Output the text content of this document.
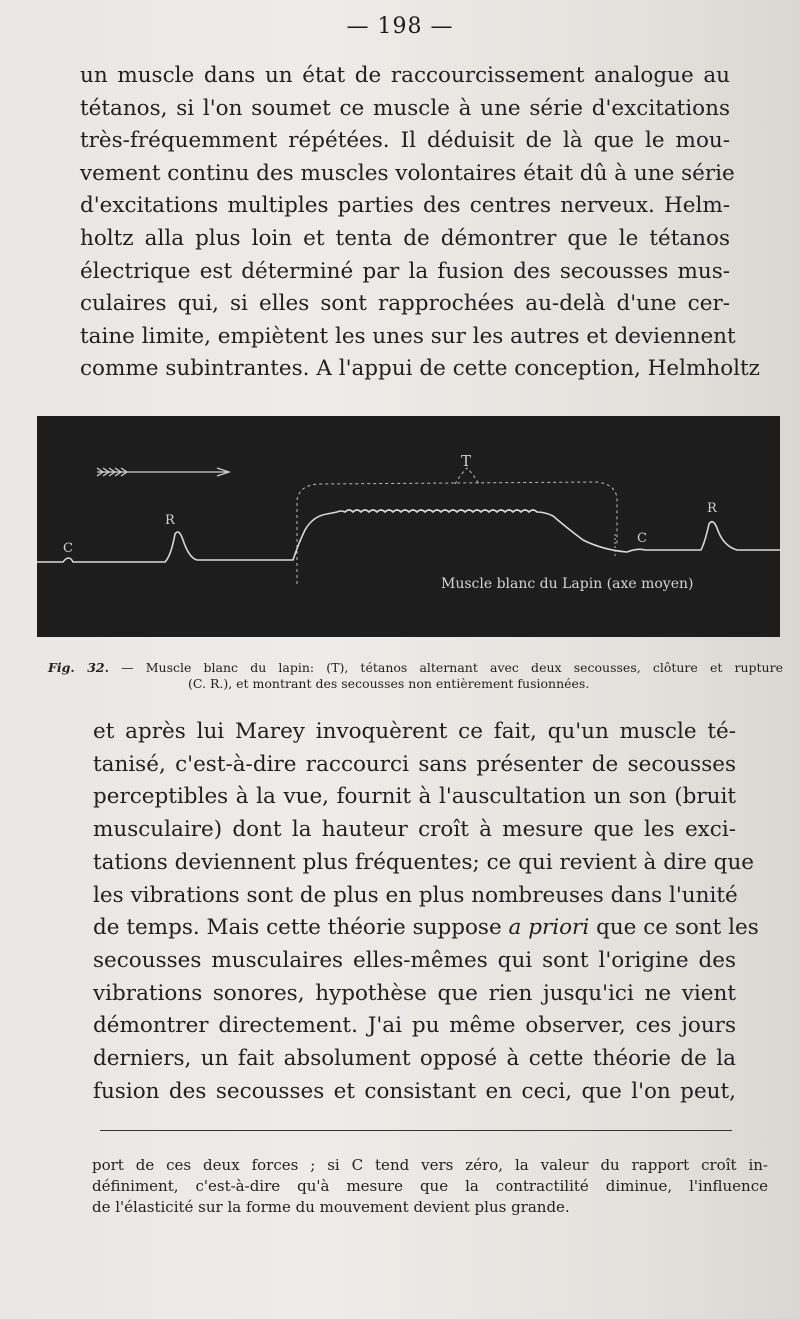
— 198 —

un muscle dans un état de raccourcissement analogue au
tétanos, si l'on soumet ce muscle à une série d'excitations
très-fréquemment répétées. Il déduisit de là que le mou-
vement continu des muscles volontaires était dû à une série
d'excitations multiples parties des centres nerveux. Helm-
holtz alla plus loin et tenta de démontrer que le tétanos
électrique est déterminé par la fusion des secousses mus-
culaires qui, si elles sont rapprochées au-delà d'une cer-
taine limite, empiètent les unes sur les autres et deviennent
comme subintrantes. A l'appui de cette conception, Helmholtz

T
R
R
C
C
Muscle blanc du Lapin (axe moyen)
Fig. 32. — Muscle blanc du lapin: (T), tétanos alternant avec deux secousses, clôture et rupture
(C. R.), et montrant des secousses non entièrement fusionnées.

et après lui Marey invoquèrent ce fait, qu'un muscle té-
tanisé, c'est-à-dire raccourci sans présenter de secousses
perceptibles à la vue, fournit à l'auscultation un son (bruit
musculaire) dont la hauteur croît à mesure que les exci-
tations deviennent plus fréquentes; ce qui revient à dire que
les vibrations sont de plus en plus nombreuses dans l'unité
de temps. Mais cette théorie suppose a priori que ce sont les
secousses musculaires elles-mêmes qui sont l'origine des
vibrations sonores, hypothèse que rien jusqu'ici ne vient
démontrer directement. J'ai pu même observer, ces jours
derniers, un fait absolument opposé à cette théorie de la
fusion des secousses et consistant en ceci, que l'on peut,

port de ces deux forces ; si C tend vers zéro, la valeur du rapport croît in-
définiment, c'est-à-dire qu'à mesure que la contractilité diminue, l'influence
de l'élasticité sur la forme du mouvement devient plus grande.
